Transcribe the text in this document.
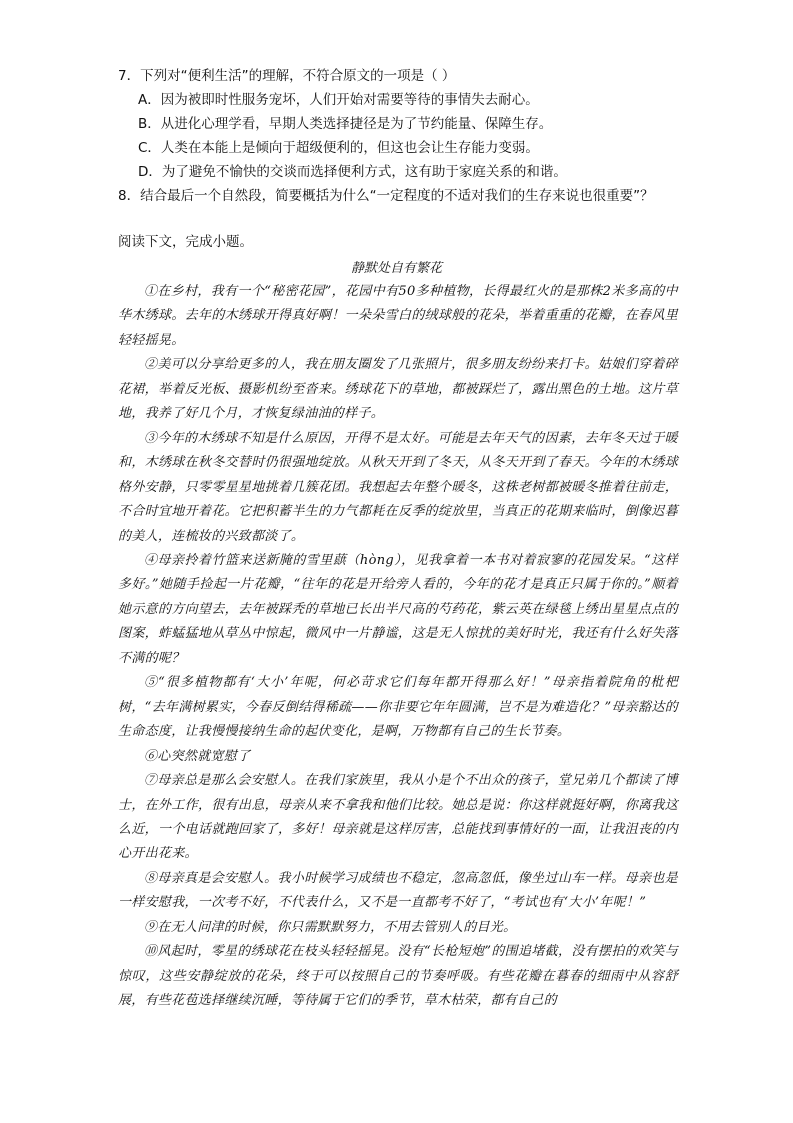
7．下列对“便利生活”的理解，不符合原文的一项是（ ）
A．因为被即时性服务宠坏，人们开始对需要等待的事情失去耐心。
B．从进化心理学看，早期人类选择捷径是为了节约能量、保障生存。
C．人类在本能上是倾向于超级便利的，但这也会让生存能力变弱。
D．为了避免不愉快的交谈而选择便利方式，这有助于家庭关系的和谐。
8．结合最后一个自然段，简要概括为什么“一定程度的不适对我们的生存来说也很重要”？
阅读下文，完成小题。
静默处自有繁花

①在乡村，我有一个“秘密花园”，花园中有50多种植物，长得最红火的是那株2米多高的中华木绣球。去年的木绣球开得真好啊！一朵朵雪白的绒球般的花朵，举着重重的花瓣，在春风里轻轻摇晃。

②美可以分享给更多的人，我在朋友圈发了几张照片，很多朋友纷纷来打卡。姑娘们穿着碎花裙，举着反光板、摄影机纷至沓来。绣球花下的草地，都被踩烂了，露出黑色的土地。这片草地，我养了好几个月，才恢复绿油油的样子。

③今年的木绣球不知是什么原因，开得不是太好。可能是去年天气的因素，去年冬天过于暖和，木绣球在秋冬交替时仍很强地绽放。从秋天开到了冬天，从冬天开到了春天。今年的木绣球格外安静，只零零星星地挑着几簇花团。我想起去年整个暖冬，这株老树都被暖冬推着往前走，不合时宜地开着花。它把积蓄半生的力气都耗在反季的绽放里，当真正的花期来临时，倒像迟暮的美人，连梳妆的兴致都淡了。

④母亲拎着竹篮来送新腌的雪里蕻（hòng），见我拿着一本书对着寂寥的花园发呆。“这样多好。”她随手捡起一片花瓣，“往年的花是开给旁人看的，今年的花才是真正只属于你的。”顺着她示意的方向望去，去年被踩秃的草地已长出半尺高的芍药花，紫云英在绿毯上绣出星星点点的图案，蚱蜢猛地从草丛中惊起，微风中一片静谧，这是无人惊扰的美好时光，我还有什么好失落不满的呢？

⑤“很多植物都有‘大小’年呢，何必苛求它们每年都开得那么好！”母亲指着院角的枇杷树，“去年满树累实，今春反倒结得稀疏——你非要它年年圆满，岂不是为难造化？”母亲豁达的生命态度，让我慢慢接纳生命的起伏变化，是啊，万物都有自己的生长节奏。

⑥心突然就宽慰了

⑦母亲总是那么会安慰人。在我们家族里，我从小是个不出众的孩子，堂兄弟几个都读了博士，在外工作，很有出息，母亲从来不拿我和他们比较。她总是说：你这样就挺好啊，你离我这么近，一个电话就跑回家了，多好！母亲就是这样厉害，总能找到事情好的一面，让我沮丧的内心开出花来。

⑧母亲真是会安慰人。我小时候学习成绩也不稳定，忽高忽低，像坐过山车一样。母亲也是一样安慰我，一次考不好，不代表什么，又不是一直都考不好了，“考试也有‘大小’年呢！”

⑨在无人问津的时候，你只需默默努力，不用去管别人的目光。

⑩风起时，零星的绣球花在枝头轻轻摇晃。没有“长枪短炮”的围追堵截，没有摆拍的欢笑与惊叹，这些安静绽放的花朵，终于可以按照自己的节奏呼吸。有些花瓣在暮春的细雨中从容舒展，有些花苞选择继续沉睡，等待属于它们的季节，草木枯荣，都有自己的
